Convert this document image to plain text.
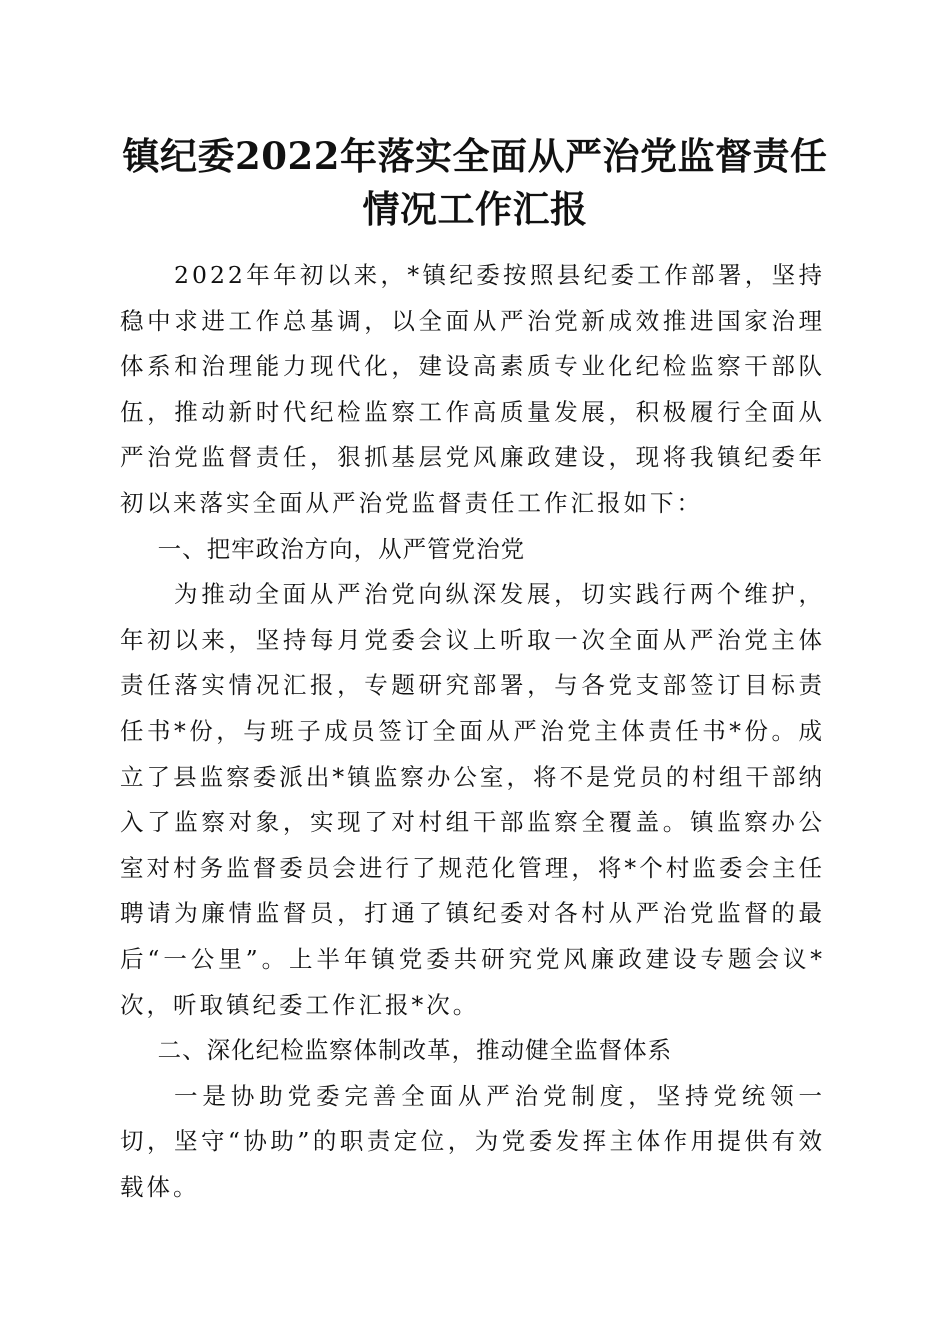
镇纪委2022年落实全面从严治党监督责任情况工作汇报

2022年年初以来，*镇纪委按照县纪委工作部署，坚持稳中求进工作总基调，以全面从严治党新成效推进国家治理体系和治理能力现代化，建设高素质专业化纪检监察干部队伍，推动新时代纪检监察工作高质量发展，积极履行全面从严治党监督责任，狠抓基层党风廉政建设，现将我镇纪委年初以来落实全面从严治党监督责任工作汇报如下：

一、把牢政治方向，从严管党治党

为推动全面从严治党向纵深发展，切实践行两个维护，年初以来，坚持每月党委会议上听取一次全面从严治党主体责任落实情况汇报，专题研究部署，与各党支部签订目标责任书*份，与班子成员签订全面从严治党主体责任书*份。成立了县监察委派出*镇监察办公室，将不是党员的村组干部纳入了监察对象，实现了对村组干部监察全覆盖。镇监察办公室对村务监督委员会进行了规范化管理，将*个村监委会主任聘请为廉情监督员，打通了镇纪委对各村从严治党监督的最后“一公里”。上半年镇党委共研究党风廉政建设专题会议*次，听取镇纪委工作汇报*次。

二、深化纪检监察体制改革，推动健全监督体系

一是协助党委完善全面从严治党制度，坚持党统领一切，坚守“协助”的职责定位，为党委发挥主体作用提供有效载体。
